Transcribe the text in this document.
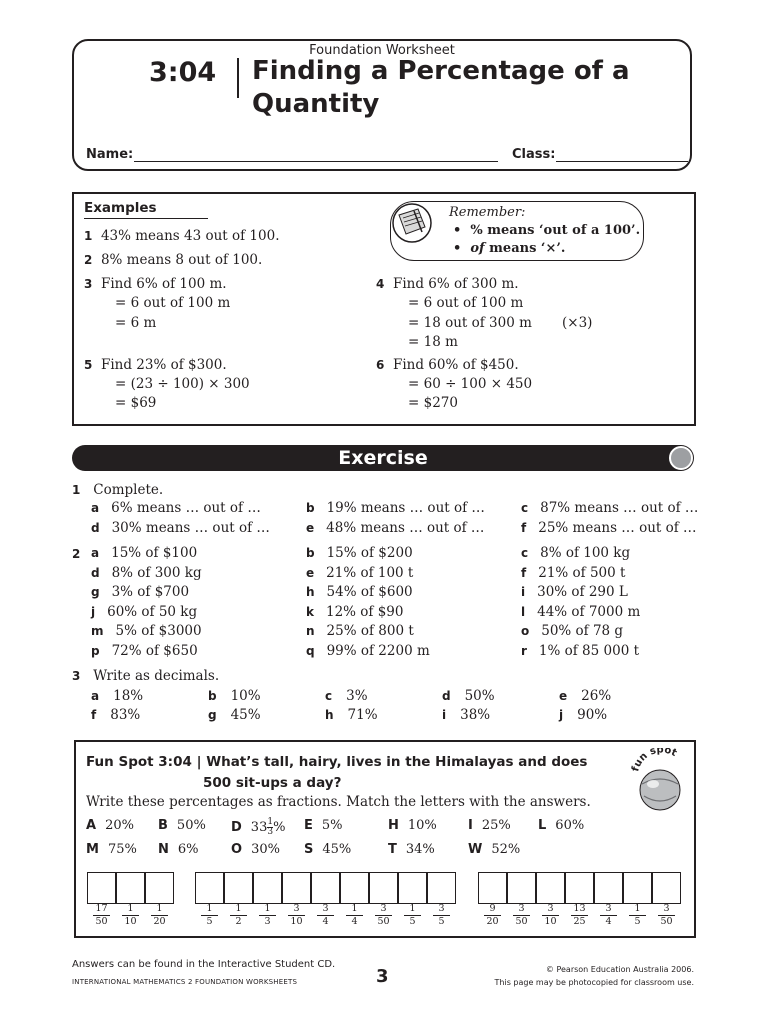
Foundation Worksheet
3:04 Finding a Percentage of a Quantity
Name:	Class:
Examples	Remember:
•  % means ‘out of a 100’.
•  of means ‘×’.
1 43% means 43 out of 100.
2 8% means 8 out of 100.
3 Find 6% of 100 m.
= 6 out of 100 m
= 6 m
4 Find 6% of 300 m.
= 6 out of 100 m
= 18 out of 300 m (×3)
= 18 m
5 Find 23% of $300.
= (23 ÷ 100) × 300
= $69
6 Find 60% of $450.
= 60 ÷ 100 × 450
= $270
Exercise
1 Complete.
a 6% means … out of …	b 19% means … out of …	c 87% means … out of …
d 30% means … out of …	e 48% means … out of …	f 25% means … out of …
2 a 15% of $100	b 15% of $200	c 8% of 100 kg
d 8% of 300 kg	e 21% of 100 t	f 21% of 500 t
g 3% of $700	h 54% of $600	i 30% of 290 L
j 60% of 50 kg	k 12% of $90	l 44% of 7000 m
m 5% of $3000	n 25% of 800 t	o 50% of 78 g
p 72% of $650	q 99% of 2200 m	r 1% of 85 000 t
3 Write as decimals.
a 18%	b 10%	c 3%	d 50%	e 26%
f 83%	g 45%	h 71%	i 38%	j 90%
Fun Spot 3:04 | What’s tall, hairy, lives in the Himalayas and does
500 sit-ups a day?
fun spot
Write these percentages as fractions. Match the letters with the answers.
A 20% B 50% D $33 \frac{1}{3}$ % E 5%	H 10% I 25% L 60%
M 75% N 6% O 30% S 45%	T 34%	W 52%
$\frac{17}{50} \frac{1}{10} \frac{1}{20} \frac{1}{5} \frac{1}{2} \frac{1}{3} \frac{3}{10} \frac{3}{4} \frac{1}{4} \frac{3}{50} \frac{1}{5} \frac{3}{5} \frac{9}{20} \frac{3}{50} \frac{3}{10} \frac{13}{25} \frac{3}{4} \frac{1}{5} \frac{3}{50}$
Answers can be found in the Interactive Student CD.
INTERNATIONAL MATHEMATICS 2 FOUNDATION WORKSHEETS	3	© Pearson Education Australia 2006.
This page may be photocopied for classroom use.
